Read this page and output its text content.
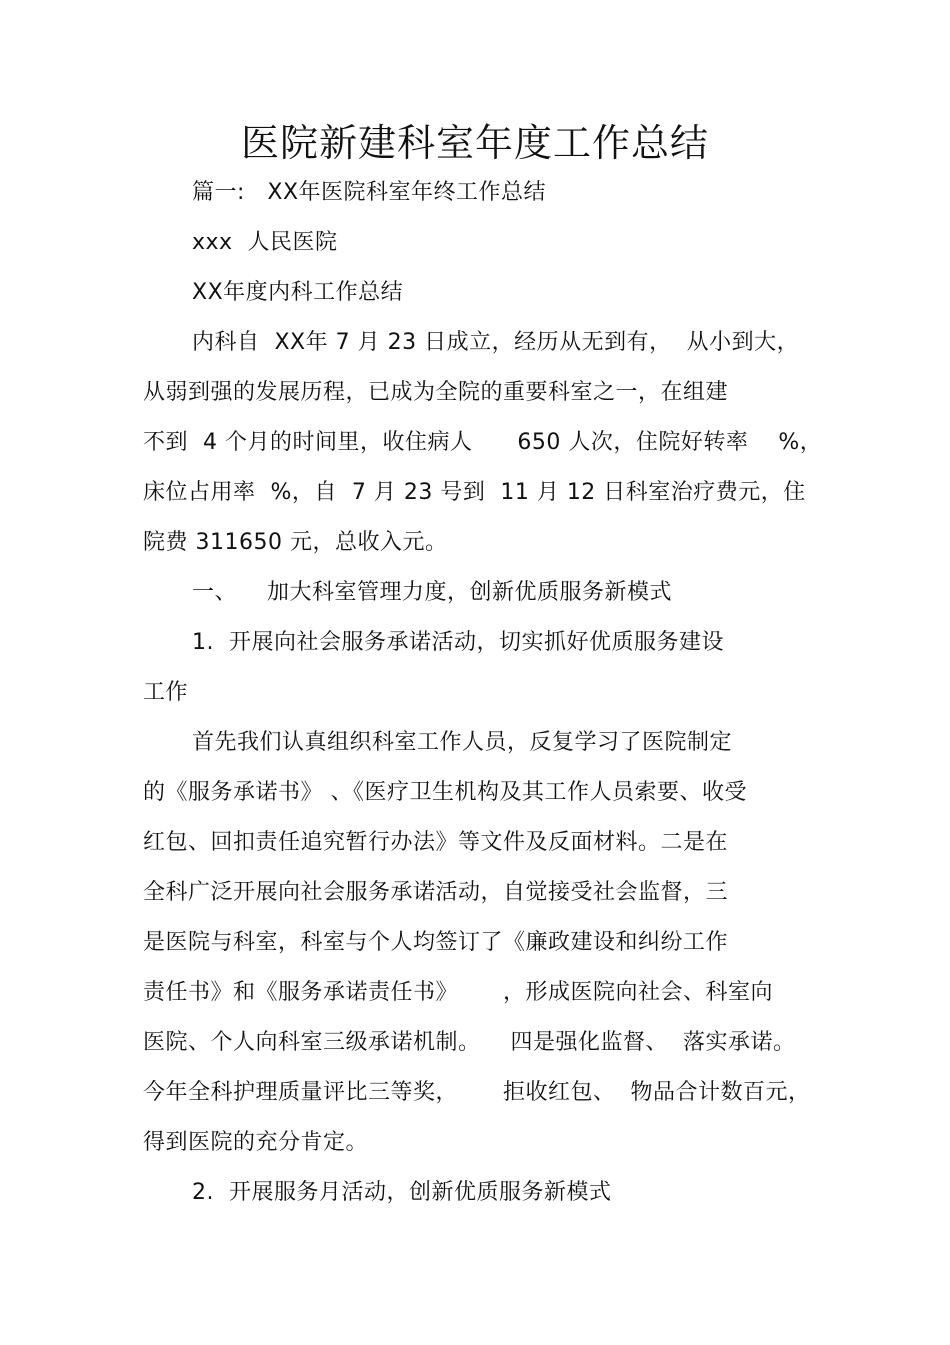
医院新建科室年度工作总结
篇一:   XX年医院科室年终工作总结
xxx  人民医院
XX年度内科工作总结
内科自  XX年 7 月 23 日成立，经历从无到有，  从小到大，
从弱到强的发展历程，已成为全院的重要科室之一，在组建
不到  4 个月的时间里，收住病人      650 人次，住院好转率    %，
床位占用率  %，自  7 月 23 号到  11 月 12 日科室治疗费元，住
院费 311650 元，总收入元。
一、    加大科室管理力度，创新优质服务新模式
1.  开展向社会服务承诺活动，切实抓好优质服务建设
工作
首先我们认真组织科室工作人员，反复学习了医院制定
的《服务承诺书》 、《医疗卫生机构及其工作人员索要、收受
红包、回扣责任追究暂行办法》等文件及反面材料。二是在
全科广泛开展向社会服务承诺活动，自觉接受社会监督，三
是医院与科室，科室与个人均签订了《廉政建设和纠纷工作
责任书》和《服务承诺责任书》      ，形成医院向社会、科室向
医院、个人向科室三级承诺机制。    四是强化监督、  落实承诺。
今年全科护理质量评比三等奖，      拒收红包、  物品合计数百元，
得到医院的充分肯定。
2.  开展服务月活动，创新优质服务新模式
